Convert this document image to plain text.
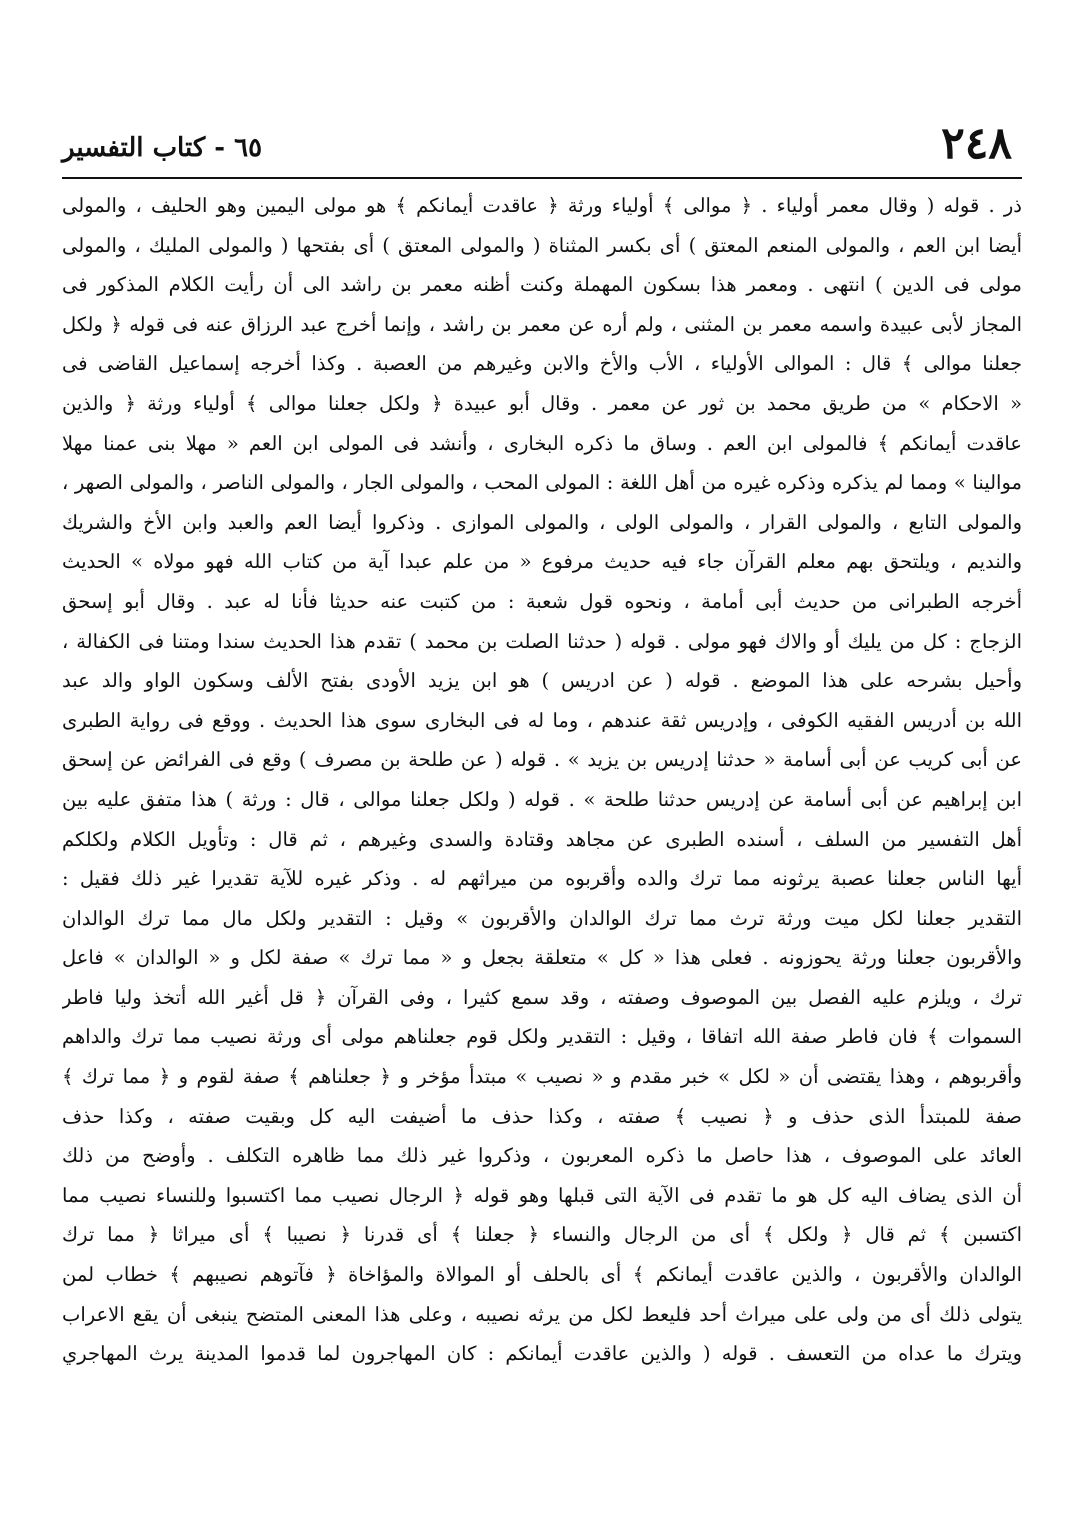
٢٤٨
٦٥ - كتاب التفسير
ذر . قوله ( وقال معمر أولياء . ﴿ موالى ﴾ أولياء ورثة ﴿ عاقدت أيمانكم ﴾ هو مولى اليمين وهو الحليف ، والمولى
أيضا ابن العم ، والمولى المنعم المعتق ) أى بكسر المثناة ( والمولى المعتق ) أى بفتحها ( والمولى المليك ، والمولى
مولى فى الدين ) انتهى . ومعمر هذا بسكون المهملة وكنت أظنه معمر بن راشد الى أن رأيت الكلام المذكور فى
المجاز لأبى عبيدة واسمه معمر بن المثنى ، ولم أره عن معمر بن راشد ، وإنما أخرج عبد الرزاق عنه فى قوله ﴿ ولكل
جعلنا موالى ﴾ قال : الموالى الأولياء ، الأب والأخ والابن وغيرهم من العصبة . وكذا أخرجه إسماعيل القاضى فى
« الاحكام » من طريق محمد بن ثور عن معمر . وقال أبو عبيدة ﴿ ولكل جعلنا موالى ﴾ أولياء ورثة ﴿ والذين
عاقدت أيمانكم ﴾ فالمولى ابن العم . وساق ما ذكره البخارى ، وأنشد فى المولى ابن العم « مهلا بنى عمنا مهلا
موالينا » ومما لم يذكره وذكره غيره من أهل اللغة : المولى المحب ، والمولى الجار ، والمولى الناصر ، والمولى الصهر ،
والمولى التابع ، والمولى القرار ، والمولى الولى ، والمولى الموازى . وذكروا أيضا العم والعبد وابن الأخ والشريك
والنديم ، ويلتحق بهم معلم القرآن جاء فيه حديث مرفوع « من علم عبدا آية من كتاب الله فهو مولاه » الحديث
أخرجه الطبرانى من حديث أبى أمامة ، ونحوه قول شعبة : من كتبت عنه حديثا فأنا له عبد . وقال أبو إسحق
الزجاج : كل من يليك أو والاك فهو مولى . قوله ( حدثنا الصلت بن محمد ) تقدم هذا الحديث سندا ومتنا فى الكفالة ،
وأحيل بشرحه على هذا الموضع . قوله ( عن ادريس ) هو ابن يزيد الأودى بفتح الألف وسكون الواو والد عبد
الله بن أدريس الفقيه الكوفى ، وإدريس ثقة عندهم ، وما له فى البخارى سوى هذا الحديث . ووقع فى رواية الطبرى
عن أبى كريب عن أبى أسامة « حدثنا إدريس بن يزيد » . قوله ( عن طلحة بن مصرف ) وقع فى الفرائض عن إسحق
ابن إبراهيم عن أبى أسامة عن إدريس حدثنا طلحة » . قوله ( ولكل جعلنا موالى ، قال : ورثة ) هذا متفق عليه بين
أهل التفسير من السلف ، أسنده الطبرى عن مجاهد وقتادة والسدى وغيرهم ، ثم قال : وتأويل الكلام ولكلكم
أيها الناس جعلنا عصبة يرثونه مما ترك والده وأقربوه من ميراثهم له . وذكر غيره للآية تقديرا غير ذلك فقيل :
التقدير جعلنا لكل ميت ورثة ترث مما ترك الوالدان والأقربون » وقيل : التقدير ولكل مال مما ترك الوالدان
والأقربون جعلنا ورثة يحوزونه . فعلى هذا « كل » متعلقة بجعل و « مما ترك » صفة لكل و « الوالدان » فاعل
ترك ، ويلزم عليه الفصل بين الموصوف وصفته ، وقد سمع كثيرا ، وفى القرآن ﴿ قل أغير الله أتخذ وليا فاطر
السموات ﴾ فان فاطر صفة الله اتفاقا ، وقيل : التقدير ولكل قوم جعلناهم مولى أى ورثة نصيب مما ترك والداهم
وأقربوهم ، وهذا يقتضى أن « لكل » خبر مقدم و « نصيب » مبتدأ مؤخر و ﴿ جعلناهم ﴾ صفة لقوم و ﴿ مما ترك ﴾
صفة للمبتدأ الذى حذف و ﴿ نصيب ﴾ صفته ، وكذا حذف ما أضيفت اليه كل وبقيت صفته ، وكذا حذف
العائد على الموصوف ، هذا حاصل ما ذكره المعربون ، وذكروا غير ذلك مما ظاهره التكلف . وأوضح من ذلك
أن الذى يضاف اليه كل هو ما تقدم فى الآية التى قبلها وهو قوله ﴿ الرجال نصيب مما اكتسبوا وللنساء نصيب مما
اكتسبن ﴾ ثم قال ﴿ ولكل ﴾ أى من الرجال والنساء ﴿ جعلنا ﴾ أى قدرنا ﴿ نصيبا ﴾ أى ميراثا ﴿ مما ترك
الوالدان والأقربون ، والذين عاقدت أيمانكم ﴾ أى بالحلف أو الموالاة والمؤاخاة ﴿ فآتوهم نصيبهم ﴾ خطاب لمن
يتولى ذلك أى من ولى على ميراث أحد فليعط لكل من يرثه نصيبه ، وعلى هذا المعنى المتضح ينبغى أن يقع الاعراب
ويترك ما عداه من التعسف . قوله ( والذين عاقدت أيمانكم : كان المهاجرون لما قدموا المدينة يرث المهاجري
